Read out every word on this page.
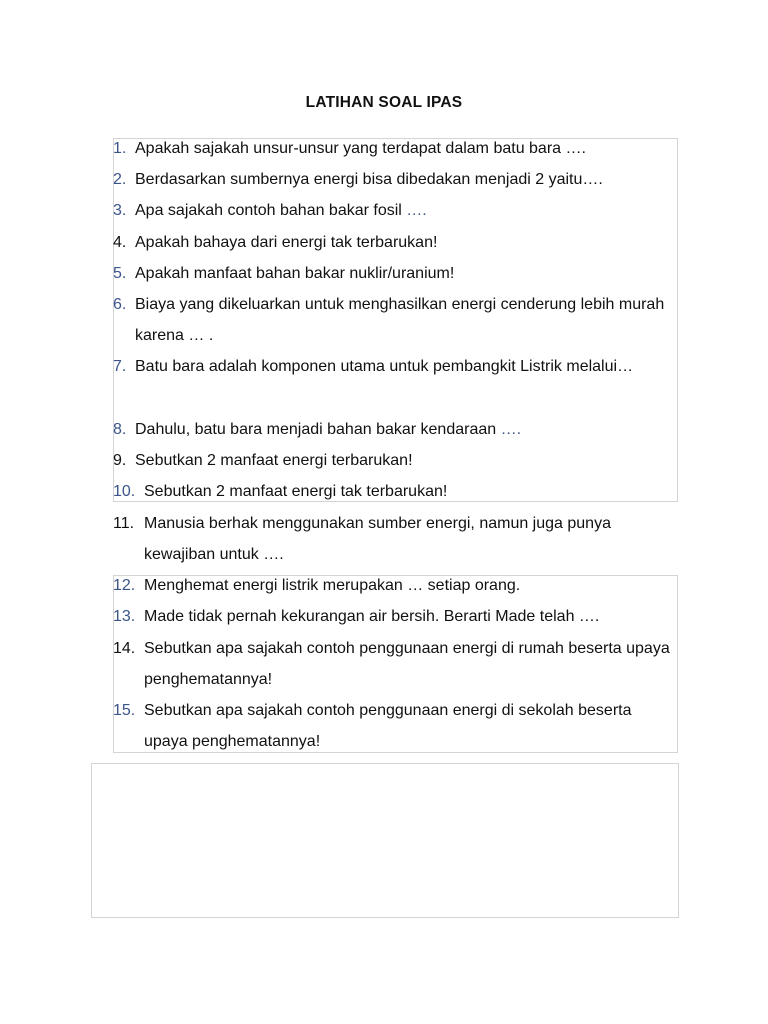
LATIHAN SOAL IPAS
1. Apakah sajakah unsur-unsur yang terdapat dalam batu bara ….
2. Berdasarkan sumbernya energi bisa dibedakan menjadi 2 yaitu….
3. Apa sajakah contoh bahan bakar fosil ….
4. Apakah bahaya dari energi tak terbarukan!
5. Apakah manfaat bahan bakar nuklir/uranium!
6. Biaya yang dikeluarkan untuk menghasilkan energi cenderung lebih murah karena … .
7. Batu bara adalah komponen utama untuk pembangkit Listrik melalui…
8. Dahulu, batu bara menjadi bahan bakar kendaraan ….
9. Sebutkan 2 manfaat energi terbarukan!
10. Sebutkan 2 manfaat energi tak terbarukan!
11. Manusia berhak menggunakan sumber energi, namun juga punya kewajiban untuk ….
12. Menghemat energi listrik merupakan … setiap orang.
13. Made tidak pernah kekurangan air bersih. Berarti Made telah ….
14. Sebutkan apa sajakah contoh penggunaan energi di rumah beserta upaya penghematannya!
15. Sebutkan apa sajakah contoh penggunaan energi di sekolah beserta upaya penghematannya!
